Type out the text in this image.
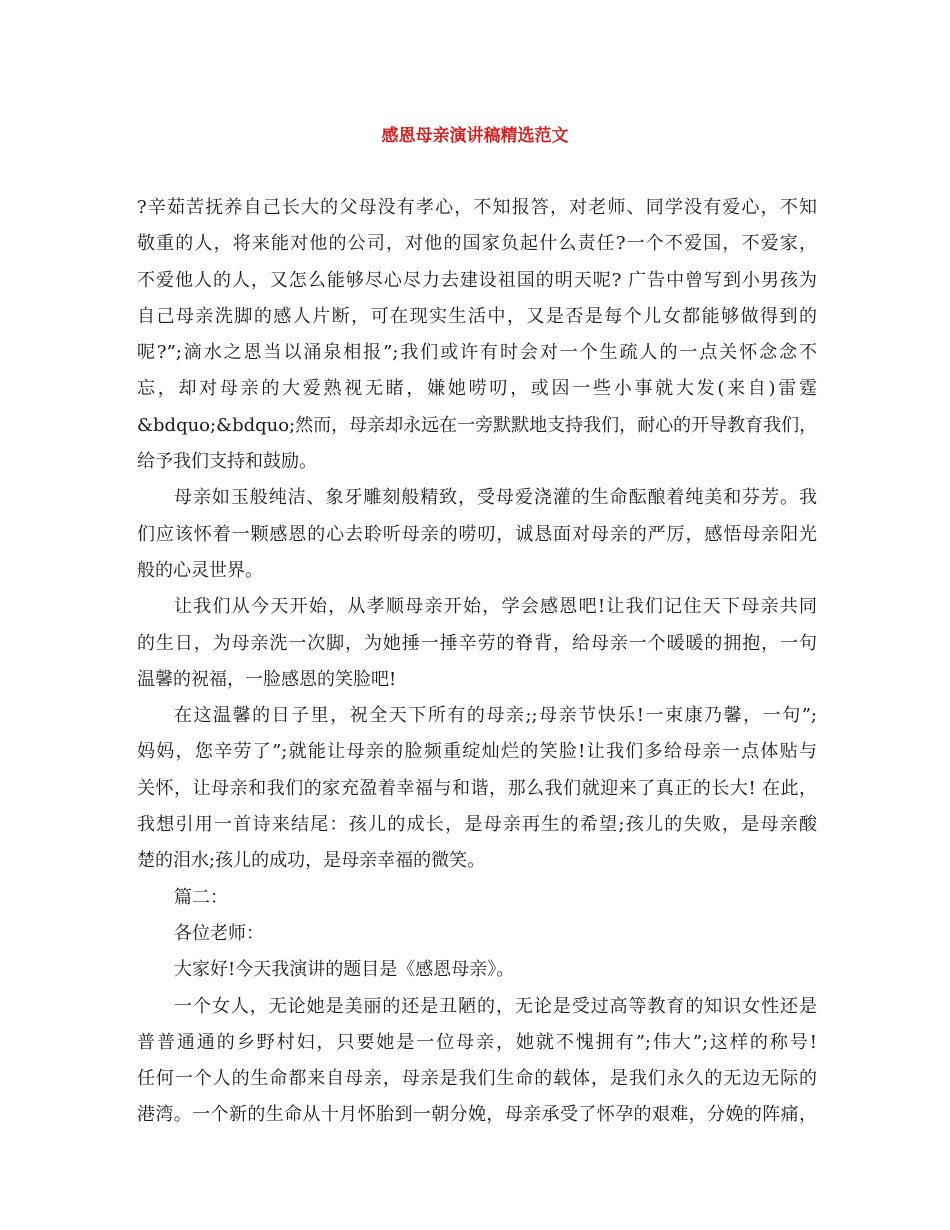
感恩母亲演讲稿精选范文
?辛茹苦抚养自己长大的父母没有孝心，不知报答，对老师、同学没有爱心，不知
敬重的人，将来能对他的公司，对他的国家负起什么责任?一个不爱国，不爱家，
不爱他人的人，又怎么能够尽心尽力去建设祖国的明天呢? 广告中曾写到小男孩为
自己母亲洗脚的感人片断，可在现实生活中，又是否是每个儿女都能够做得到的
呢?”;滴水之恩当以涌泉相报”;我们或许有时会对一个生疏人的一点关怀念念不
忘，却对母亲的大爱熟视无睹，嫌她唠叨，或因一些小事就大发(来自)雷霆
&bdquo;&bdquo;然而，母亲却永远在一旁默默地支持我们，耐心的开导教育我们，
给予我们支持和鼓励。
母亲如玉般纯洁、象牙雕刻般精致，受母爱浇灌的生命酝酿着纯美和芬芳。我
们应该怀着一颗感恩的心去聆听母亲的唠叨，诚恳面对母亲的严厉，感悟母亲阳光
般的心灵世界。
让我们从今天开始，从孝顺母亲开始，学会感恩吧!让我们记住天下母亲共同
的生日，为母亲洗一次脚，为她捶一捶辛劳的脊背，给母亲一个暖暖的拥抱，一句
温馨的祝福，一脸感恩的笑脸吧!
在这温馨的日子里，祝全天下所有的母亲;;母亲节快乐!一束康乃馨，一句”;
妈妈，您辛劳了”;就能让母亲的脸频重绽灿烂的笑脸!让我们多给母亲一点体贴与
关怀，让母亲和我们的家充盈着幸福与和谐，那么我们就迎来了真正的长大! 在此，
我想引用一首诗来结尾：孩儿的成长，是母亲再生的希望;孩儿的失败，是母亲酸
楚的泪水;孩儿的成功，是母亲幸福的微笑。
篇二：
各位老师：
大家好!今天我演讲的题目是《感恩母亲》。
一个女人，无论她是美丽的还是丑陋的，无论是受过高等教育的知识女性还是
普普通通的乡野村妇，只要她是一位母亲，她就不愧拥有”;伟大”;这样的称号!
任何一个人的生命都来自母亲，母亲是我们生命的载体，是我们永久的无边无际的
港湾。一个新的生命从十月怀胎到一朝分娩，母亲承受了怀孕的艰难，分娩的阵痛，
